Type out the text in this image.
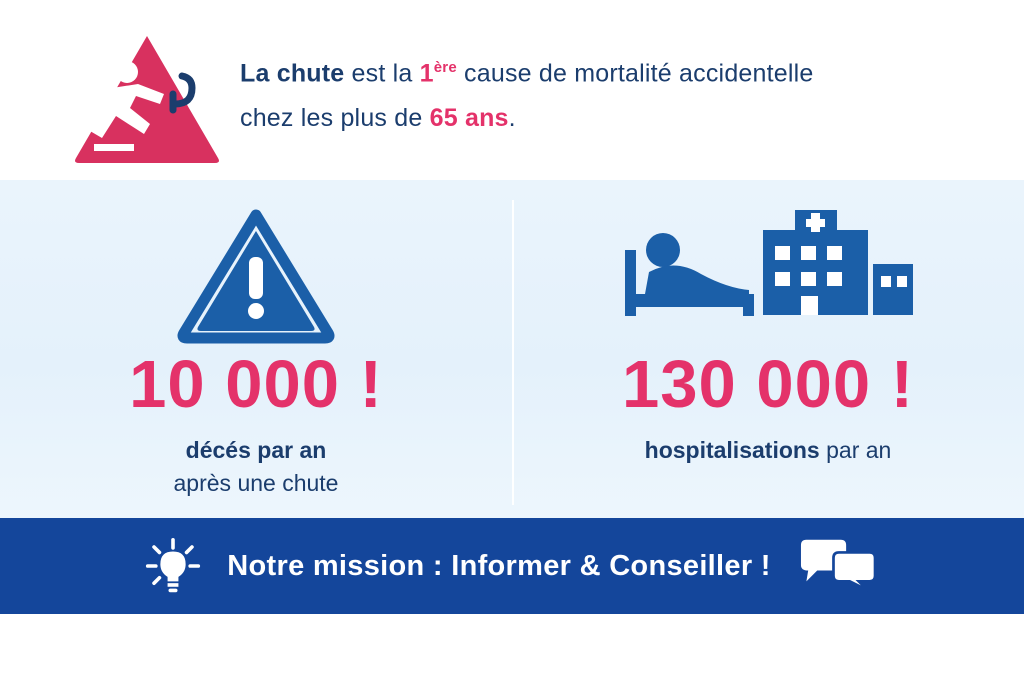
La chute est la 1ère cause de mortalité accidentelle
chez les plus de 65 ans.
10 000 !
décés par an
après une chute
130 000 !
hospitalisations par an
Notre mission : Informer & Conseiller !
